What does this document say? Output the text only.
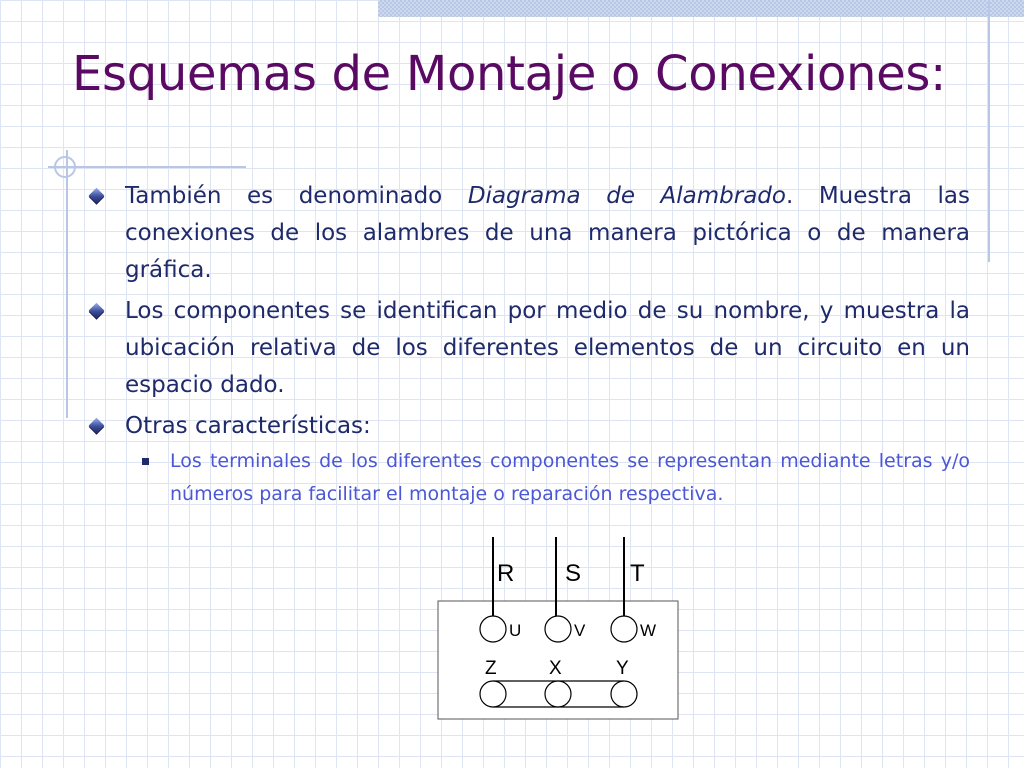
Esquemas de Montaje o Conexiones:
También es denominado Diagrama de Alambrado. Muestra las conexiones de los alambres de una manera pictórica o de manera gráfica.
Los componentes se identifican por medio de su nombre, y muestra la ubicación relativa de los diferentes elementos de un circuito en un espacio dado.
Otras características:
Los terminales de los diferentes componentes se representan mediante letras y/o números para facilitar el montaje o reparación respectiva.
R S T
U	V	W
Z	X	Y
